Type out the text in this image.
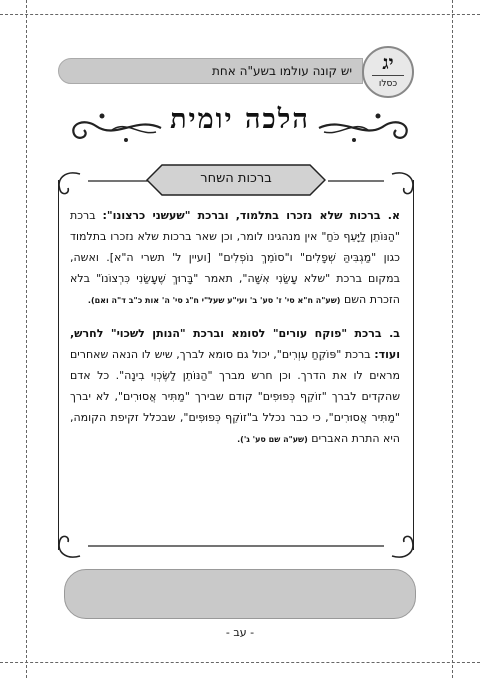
יש קונה עולמו בשע"ה אחת	יג
כסלו
הלכה יומית
ברכות השחר

א. ברכות שלא נזכרו בתלמוד, וברכת "שעשני כרצונו": ברכת "הַנּוֹתֵן לַיָּעֵף כֹּחַ" אין מנהגינו לומר, וכן שאר ברכות שלא נזכרו בתלמוד כגון "מַגְבִּיהַּ שְׁפָלִים" ו"סוֹמֵךְ נוֹפְלִים" [ועיין ל' תשרי ה"א]. ואשה, במקום ברכת "שלא עָשַׂנִי אִשָּׁה", תאמר "בָּרוּךְ שֶׁעָשַׂנִי כִּרְצוֹנוֹ" בלא הזכרת השם (שע"ה ח"א סי' ז' סע' ב' ועי"ע שעל"י ח"ג סי' ה' אות כ"ב ד"ה ואם).

ב. ברכת "פוקח עורים" לסומא וברכת "הנותן לשכוי" לחרש, ועוד: ברכת "פּוֹקֵחַ עִוְרִים", יכול גם סומא לברך, שיש לו הנאה שאחרים מראים לו את הדרך. וכן חרש מברך "הַנּוֹתֵן לַשֶּׂכְוִי בִינָה". כל אדם שהקדים לברך "זוֹקֵף כְּפוּפִים" קודם שבירך "מַתִּיר אֲסוּרִים", לא יברך "מַתִּיר אֲסוּרִים", כי כבר נכלל ב"זוֹקֵף כְּפוּפִים", שבכלל זקיפת הקומה, היא התרת האברים (שע"ה שם סע' ג').

- עב -
